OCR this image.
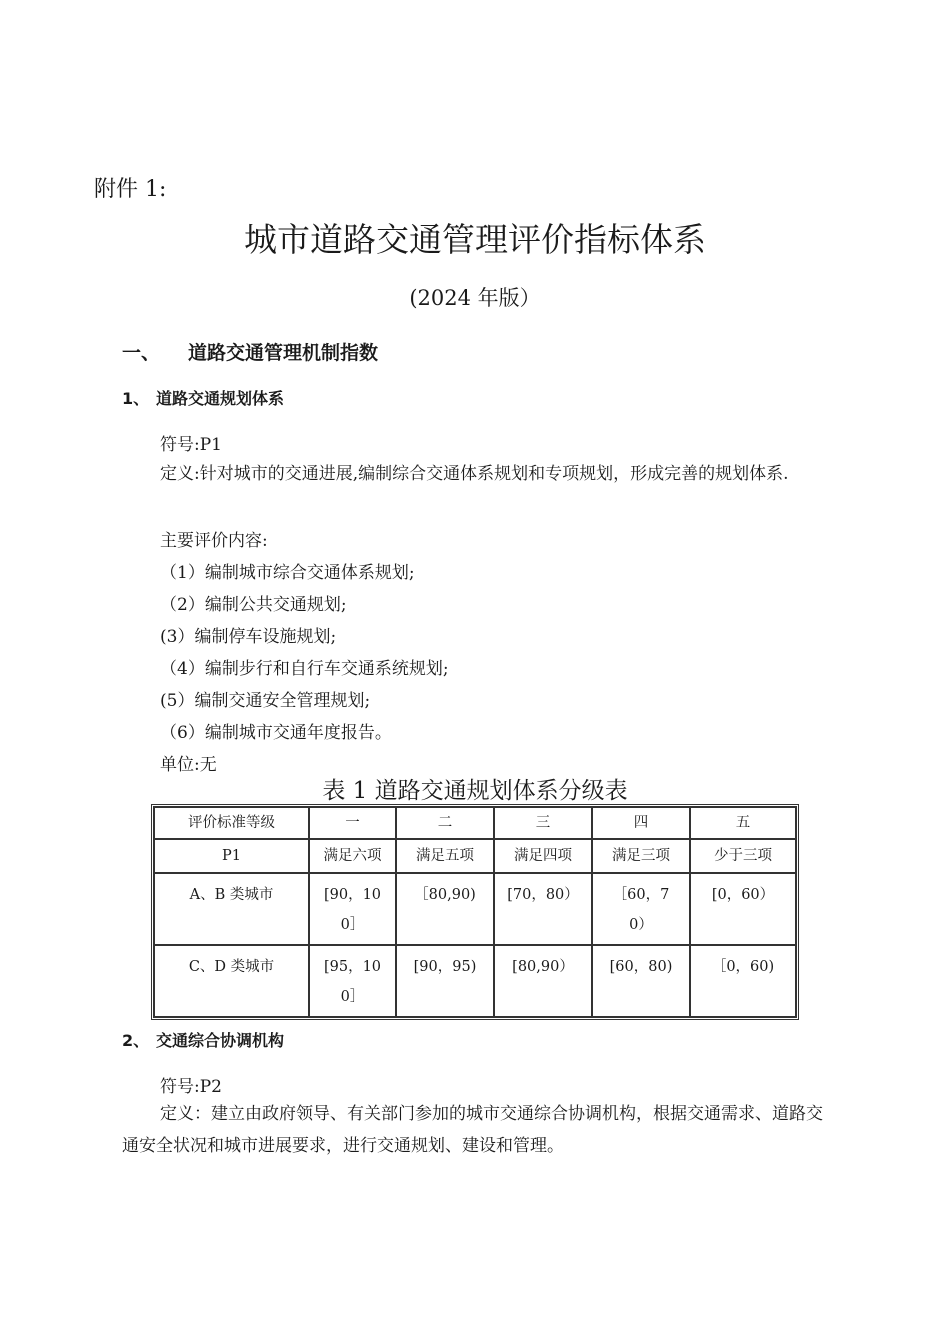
附件 1:
城市道路交通管理评价指标体系
(2024 年版）
一、 道路交通管理机制指数
1、 道路交通规划体系
符号:P1
定义:针对城市的交通进展,编制综合交通体系规划和专项规划，形成完善的规划体系.
主要评价内容:
（1）编制城市综合交通体系规划;
（2）编制公共交通规划;
(3）编制停车设施规划;
（4）编制步行和自行车交通系统规划;
(5）编制交通安全管理规划;
（6）编制城市交通年度报告。
单位:无
表 1 道路交通规划体系分级表
评价标准等级	一	二	三	四	五
P1	满足六项	满足五项	满足四项	满足三项	少于三项
A、B 类城市	[90，100］	［80,90)	[70，80）	［60，70）	[0，60）
C、D 类城市	[95，100］	[90，95)	[80,90）	[60，80)	［0，60)
2、 交通综合协调机构
符号:P2
定义：建立由政府领导、有关部门参加的城市交通综合协调机构，根据交通需求、道路交通安全状况和城市进展要求，进行交通规划、建设和管理。
